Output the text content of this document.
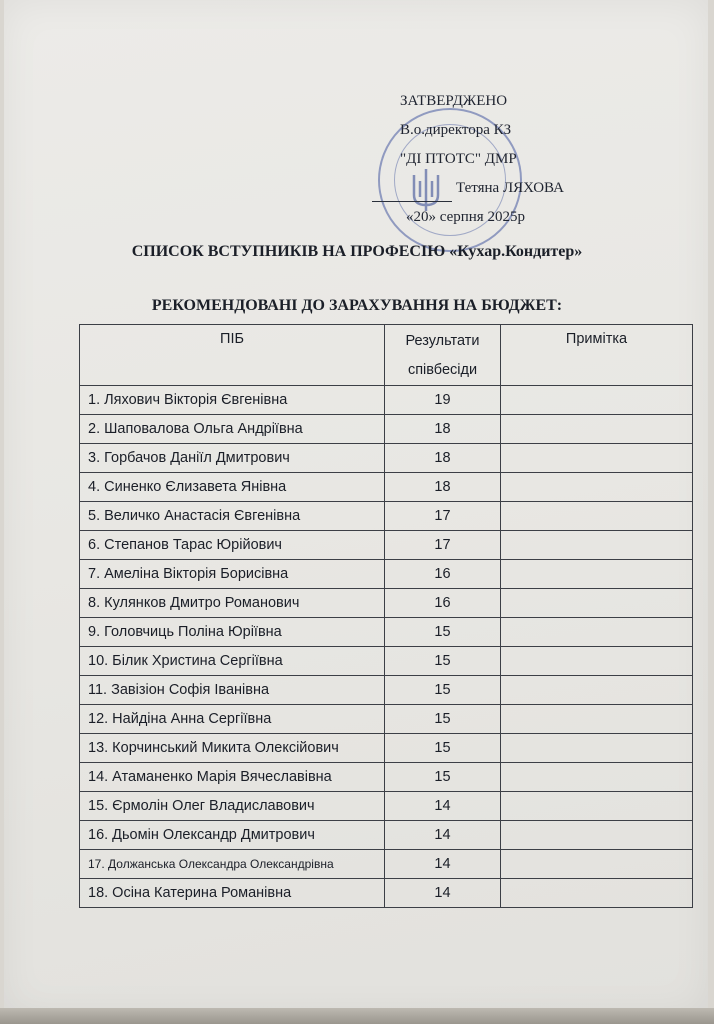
ЗАТВЕРДЖЕНО
В.о.директора КЗ
"ДІ ПТОТС" ДМР
Тетяна ЛЯХОВА
«20» серпня 2025р
СПИСОК ВСТУПНИКІВ НА ПРОФЕСІЮ «Кухар.Кондитер»
РЕКОМЕНДОВАНІ ДО ЗАРАХУВАННЯ НА БЮДЖЕТ:
ПІБ	Результати співбесіди	Примітка
1. Ляхович Вікторія Євгенівна	19	
2. Шаповалова Ольга Андріївна	18	
3. Горбачов Даніїл Дмитрович	18	
4. Синенко Єлизавета Янівна	18	
5. Величко Анастасія Євгенівна	17	
6. Степанов Тарас Юрійович	17	
7. Амеліна Вікторія Борисівна	16	
8. Кулянков Дмитро Романович	16	
9. Головчиць Поліна Юріївна	15	
10. Білик Христина Сергіївна	15	
11. Завізіон Софія Іванівна	15	
12. Найдіна Анна Сергіївна	15	
13. Корчинський Микита Олексійович	15	
14. Атаманенко Марія Вячеславівна	15	
15. Єрмолін Олег Владиславович	14	
16. Дьомін Олександр Дмитрович	14	
17. Должанська Олександра Олександрівна	14	
18. Осіна Катерина Романівна	14	
